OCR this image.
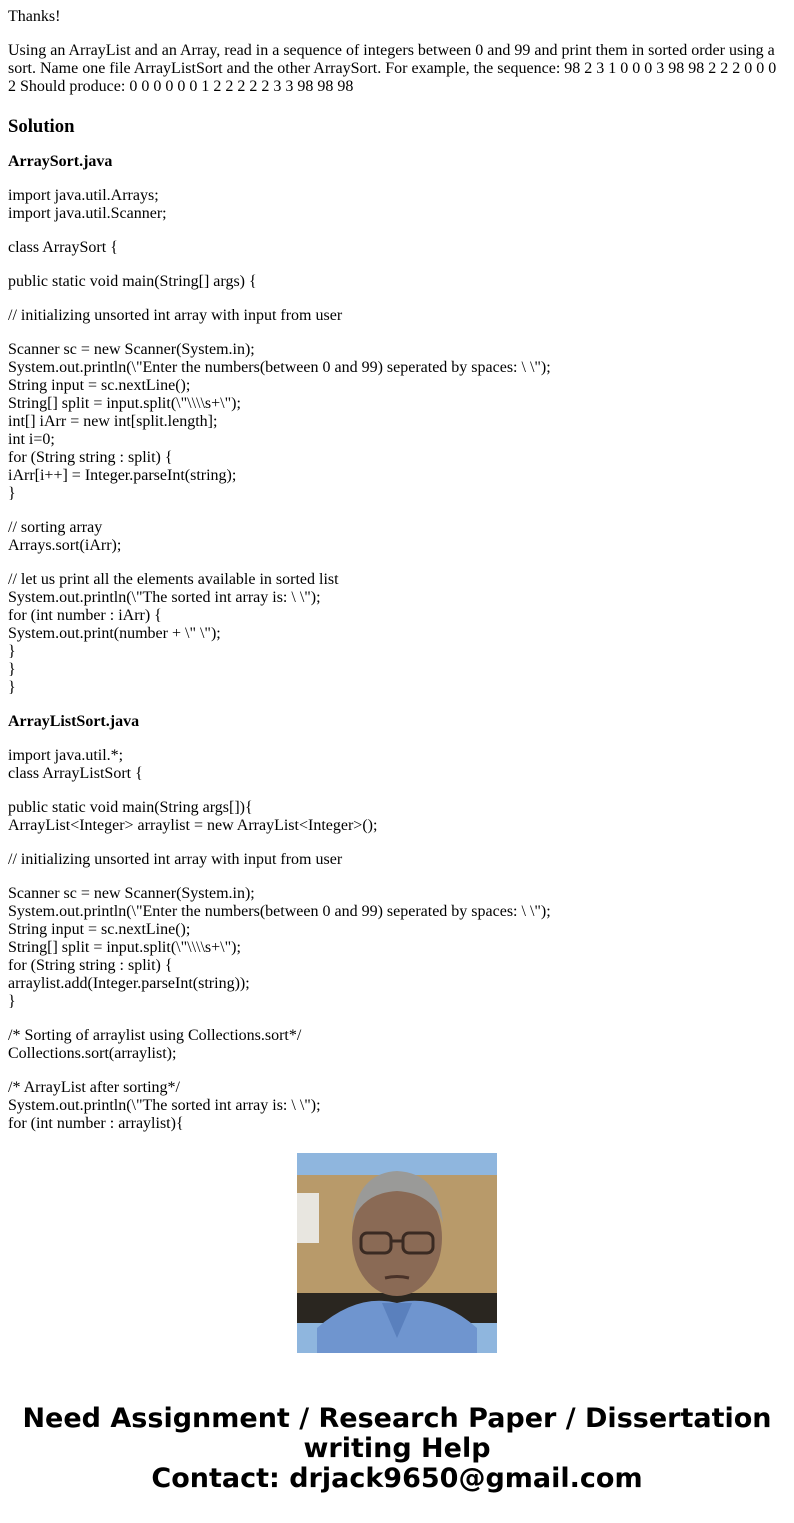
Thanks!

Using an ArrayList and an Array, read in a sequence of integers between 0 and 99 and print them in sorted order using a sort. Name one file ArrayListSort and the other ArraySort. For example, the sequence: 98 2 3 1 0 0 0 3 98 98 2 2 2 0 0 0 2 Should produce: 0 0 0 0 0 0 1 2 2 2 2 2 3 3 98 98 98

Solution
ArraySort.java
import java.util.Arrays;
import java.util.Scanner;
class ArraySort {
public static void main(String[] args) {
// initializing unsorted int array with input from user
Scanner sc = new Scanner(System.in);
System.out.println(\"Enter the numbers(between 0 and 99) seperated by spaces: \ \");
String input = sc.nextLine();
String[] split = input.split(\"\\\\s+\");
int[] iArr = new int[split.length];
int i=0;
for (String string : split) {
iArr[i++] = Integer.parseInt(string);
}
// sorting array
Arrays.sort(iArr);
// let us print all the elements available in sorted list
System.out.println(\"The sorted int array is: \ \");
for (int number : iArr) {
System.out.print(number + \" \");
}
}
}
ArrayListSort.java
import java.util.*;
class ArrayListSort {
public static void main(String args[]){
ArrayList<Integer> arraylist = new ArrayList<Integer>();
// initializing unsorted int array with input from user
Scanner sc = new Scanner(System.in);
System.out.println(\"Enter the numbers(between 0 and 99) seperated by spaces: \ \");
String input = sc.nextLine();
String[] split = input.split(\"\\\\s+\");
for (String string : split) {
arraylist.add(Integer.parseInt(string));
}
/* Sorting of arraylist using Collections.sort*/
Collections.sort(arraylist);
/* ArrayList after sorting*/
System.out.println(\"The sorted int array is: \ \");
for (int number : arraylist){
Need Assignment / Research Paper / Dissertation
writing Help
Contact: drjack9650@gmail.com
